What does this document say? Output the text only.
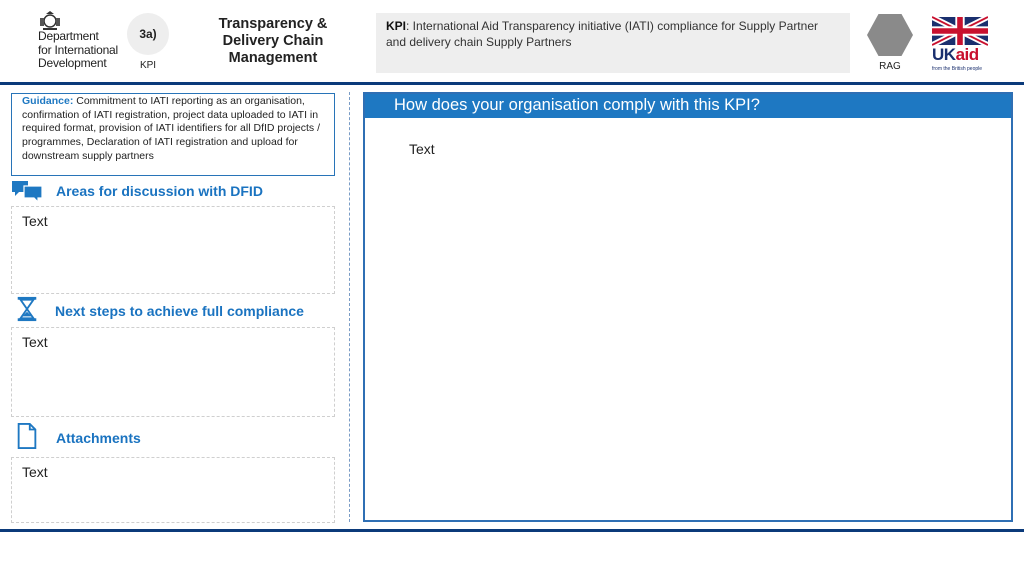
Department
for International
Development
3a)
KPI
Transparency &
Delivery Chain
Management
KPI: International Aid Transparency initiative (IATI) compliance for Supply Partner and delivery chain Supply Partners
RAG
UKaid
from the British people
Guidance: Commitment to IATI reporting as an organisation, confirmation of IATI registration, project data uploaded to IATI in required format, provision of IATI identifiers for all DfID projects / programmes, Declaration of IATI registration and upload for downstream supply partners
Areas for discussion with DFID
Text
Next steps to achieve full compliance
Text
Attachments
Text
How does your organisation comply with this KPI?
Text
